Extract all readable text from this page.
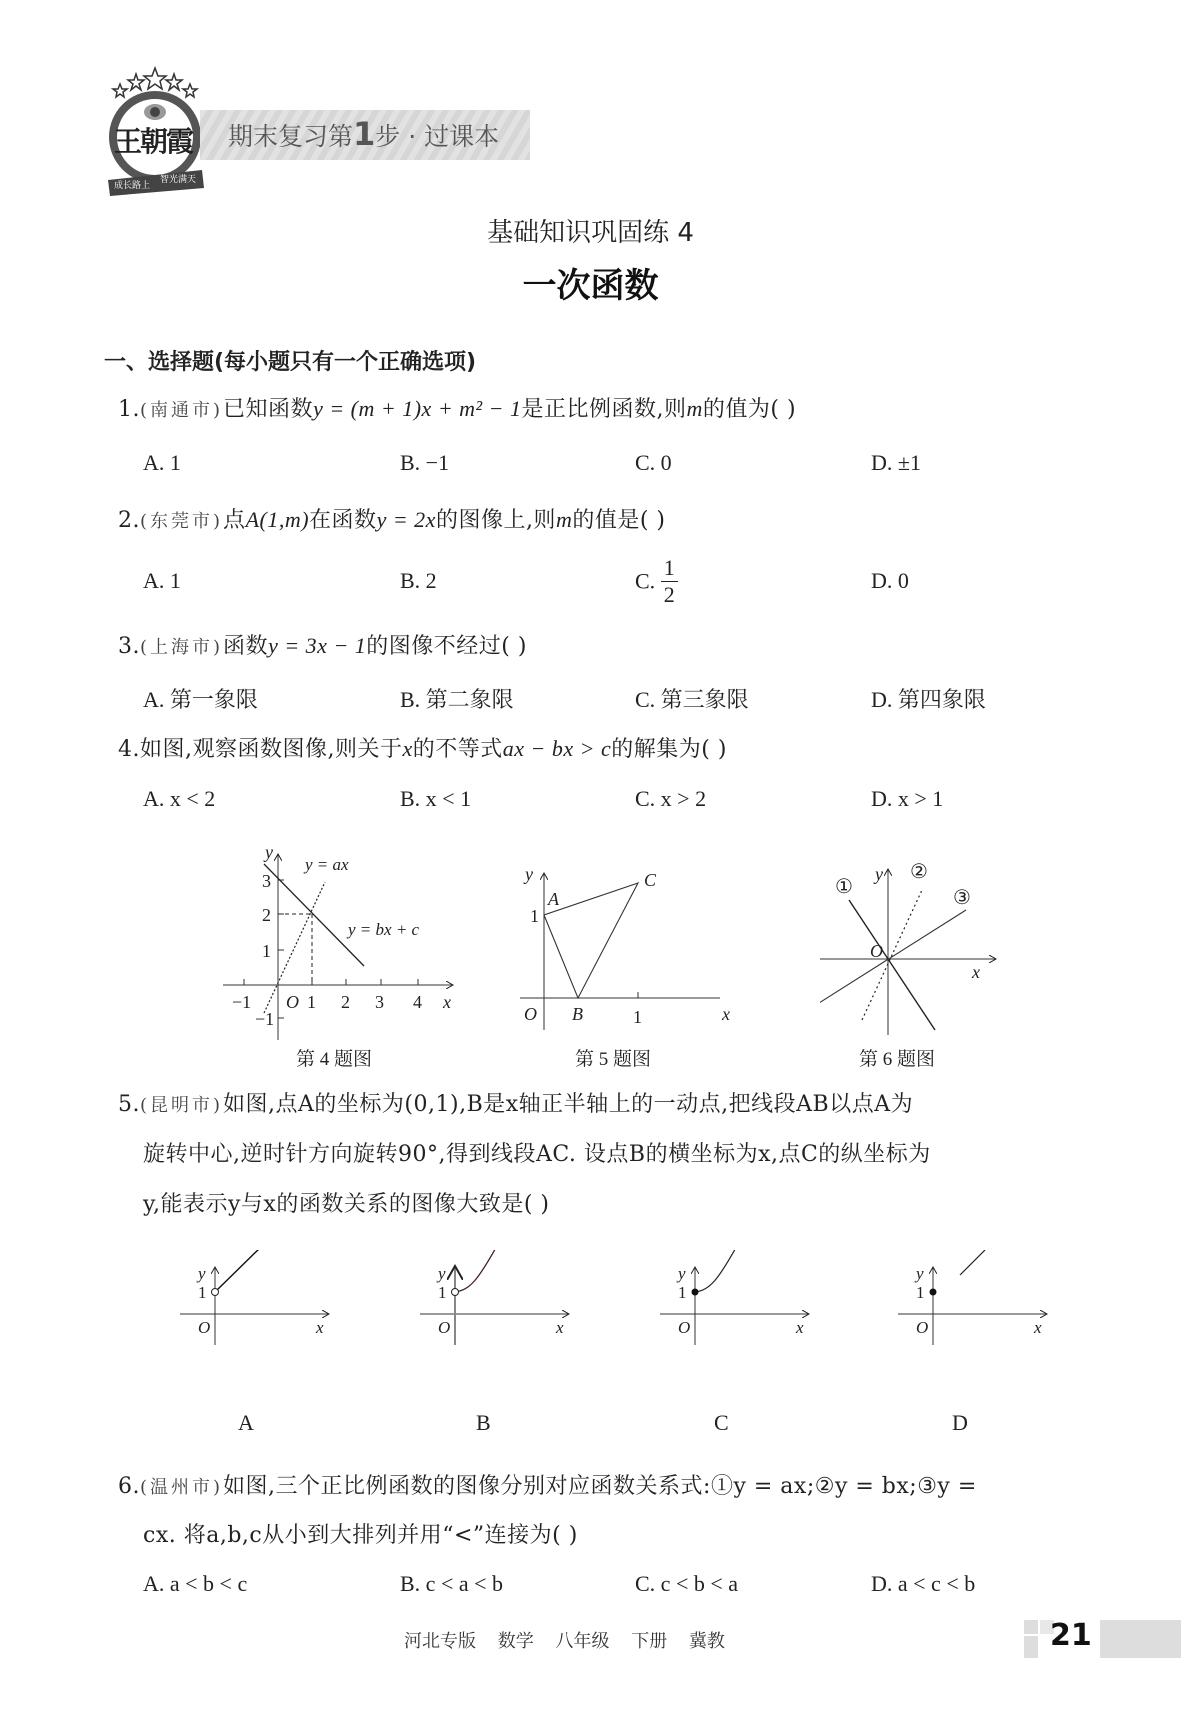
王朝霞
成长路上
智光满天
期末复习第1步 · 过课本
基础知识巩固练 4
一次函数
一、选择题(每小题只有一个正确选项)
1.(南通市)已知函数y = (m + 1)x + m² − 1是正比例函数,则m的值为( )
A. 1	B. −1	C. 0	D. ±1
2.(东莞市)点A(1,m)在函数y = 2x的图像上,则m的值是( )
A. 1	B. 2	C. $\frac{1}{2}$	D. 0
3.(上海市)函数y = 3x − 1的图像不经过( )
A. 第一象限	B. 第二象限	C. 第三象限	D. 第四象限
4.如图,观察函数图像,则关于x的不等式ax − bx > c的解集为( )
A. x < 2	B. x < 1	C. x > 2	D. x > 1
y
x
O
−1	1 2 3 4
3
2
1
−1
y = ax
y = bx + c
第 4 题图
y
A
B
C
1
1
O	x
第 5 题图
①
②
③
y
O
x
第 6 题图
5.(昆明市)如图,点A的坐标为(0,1),B是x轴正半轴上的一动点,把线段AB以点A为
旋转中心,逆时针方向旋转90°,得到线段AC. 设点B的横坐标为x,点C的纵坐标为
y,能表示y与x的函数关系的图像大致是( )
y
1
O	x
y
1
O	x
y
1
O	x
y
1
O	x
A	B	C	D
6.(温州市)如图,三个正比例函数的图像分别对应函数关系式:①y = ax;②y = bx;③y =
cx. 将a,b,c从小到大排列并用“<”连接为( )
A. a < b < c	B. c < a < b	C. c < b < a	D. a < c < b
河北专版 数学 八年级 下册 冀教	21
